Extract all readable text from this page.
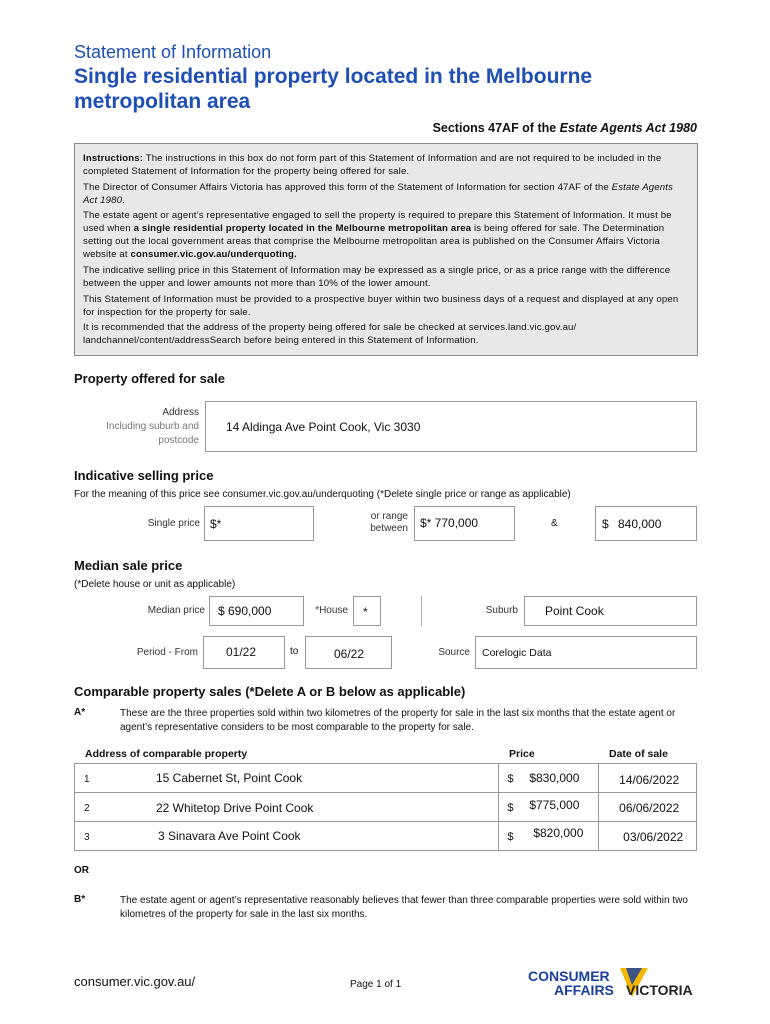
Statement of Information
Single residential property located in the Melbourne
metropolitan area
Sections 47AF of the Estate Agents Act 1980

Instructions: The instructions in this box do not form part of this Statement of Information and are not required to be included in the completed Statement of Information for the property being offered for sale.

The Director of Consumer Affairs Victoria has approved this form of the Statement of Information for section 47AF of the Estate Agents Act 1980.

The estate agent or agent’s representative engaged to sell the property is required to prepare this Statement of Information. It must be used when a single residential property located in the Melbourne metropolitan area is being offered for sale. The Determination setting out the local government areas that comprise the Melbourne metropolitan area is published on the Consumer Affairs Victoria website at consumer.vic.gov.au/underquoting.

The indicative selling price in this Statement of Information may be expressed as a single price, or as a price range with the difference between the upper and lower amounts not more than 10% of the lower amount.

This Statement of Information must be provided to a prospective buyer within two business days of a request and displayed at any open for inspection for the property for sale.

It is recommended that the address of the property being offered for sale be checked at services.land.vic.gov.au/ landchannel/content/addressSearch before being entered in this Statement of Information.

Property offered for sale
Address
Including suburb and
postcode
14 Aldinga Ave Point Cook, Vic 3030
Indicative selling price
For the meaning of this price see consumer.vic.gov.au/underquoting (*Delete single price or range as applicable)
Single price $*
or range
between $* 770,000	&	$ 840,000
Median sale price
(*Delete house or unit as applicable)
Median price $ 690,000	*House *	Suburb Point Cook
Period - From 01/22	to	06/22	Source Corelogic Data
Comparable property sales (*Delete A or B below as applicable)
A*	These are the three properties sold within two kilometres of the property for sale in the last six months that the estate agent or agent’s representative considers to be most comparable to the property for sale.
Address of comparable property	Price	Date of sale
1 15 Cabernet St, Point Cook	$ $830,000	14/06/2022

2 22 Whitetop Drive Point Cook	$ $775,000	06/06/2022

3 3 Sinavara Ave Point Cook	$ $820,000	03/06/2022
OR
B*	The estate agent or agent’s representative reasonably believes that fewer than three comparable properties were sold within two kilometres of the property for sale in the last six months.
consumer.vic.gov.au/	Page 1 of 1
CONSUMER
AFFAIRS VICTORIA
